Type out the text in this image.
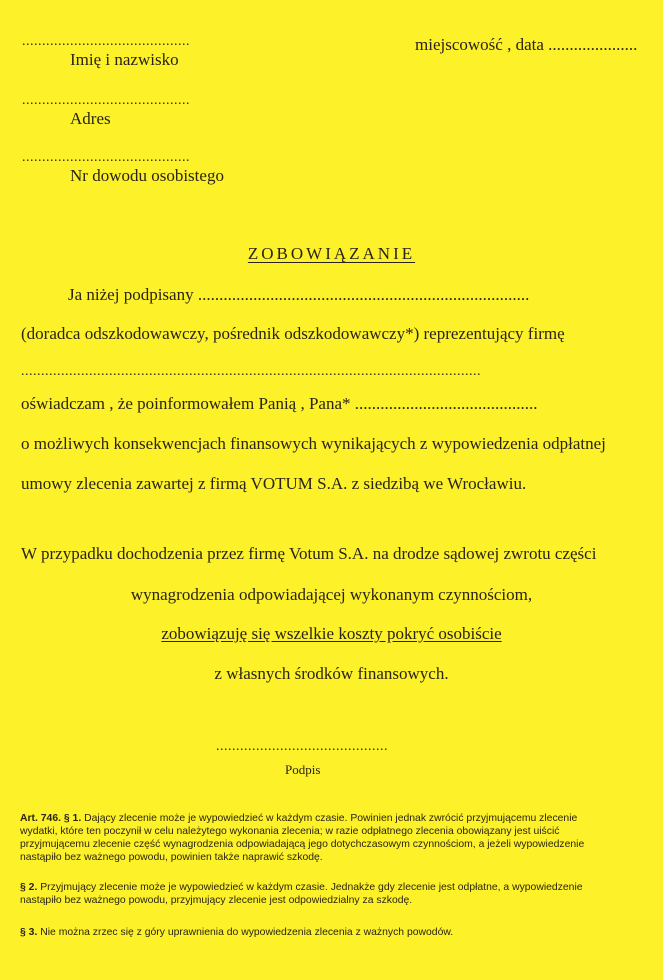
..........................................
Imię i nazwisko
..........................................
Adres
..........................................
Nr dowodu osobistego
miejscowość , data .....................
ZOBOWIĄZANIE
Ja niżej podpisany ..............................................................................
(doradca odszkodowawczy, pośrednik odszkodowawczy*) reprezentujący firmę
...................................................................................................................
oświadczam , że poinformowałem Panią , Pana* ...........................................
o możliwych konsekwencjach finansowych wynikających z wypowiedzenia odpłatnej
umowy zlecenia zawartej z firmą VOTUM S.A. z siedzibą we Wrocławiu.
W przypadku dochodzenia przez firmę Votum S.A. na drodze sądowej zwrotu części
wynagrodzenia odpowiadającej wykonanym czynnościom,
zobowiązuję się wszelkie koszty pokryć osobiście
z własnych środków finansowych.
...........................................
Podpis
Art. 746. § 1. Dający zlecenie może je wypowiedzieć w każdym czasie. Powinien jednak zwrócić przyjmującemu zlecenie
wydatki, które ten poczynił w celu należytego wykonania zlecenia; w razie odpłatnego zlecenia obowiązany jest uiścić
przyjmującemu zlecenie część wynagrodzenia odpowiadającą jego dotychczasowym czynnościom, a jeżeli wypowiedzenie
nastąpiło bez ważnego powodu, powinien także naprawić szkodę.
§ 2. Przyjmujący zlecenie może je wypowiedzieć w każdym czasie. Jednakże gdy zlecenie jest odpłatne, a wypowiedzenie
nastąpiło bez ważnego powodu, przyjmujący zlecenie jest odpowiedzialny za szkodę.
§ 3. Nie można zrzec się z góry uprawnienia do wypowiedzenia zlecenia z ważnych powodów.
